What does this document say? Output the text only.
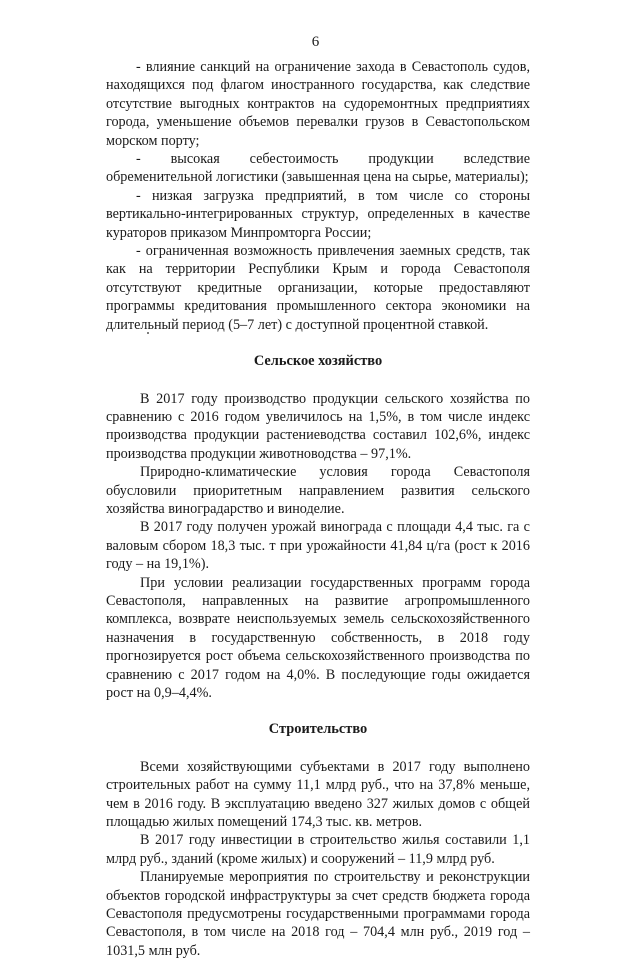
6

- влияние санкций на ограничение захода в Севастополь судов, находящихся под флагом иностранного государства, как следствие отсутствие выгодных контрактов на судоремонтных предприятиях города, уменьшение объемов перевалки грузов в Севастопольском морском порту;

- высокая себестоимость продукции вследствие обременительной логистики (завышенная цена на сырье, материалы);

- низкая загрузка предприятий, в том числе со стороны вертикально-интегрированных структур, определенных в качестве кураторов приказом Минпромторга России;

- ограниченная возможность привлечения заемных средств, так как на территории Республики Крым и города Севастополя отсутствуют кредитные организации, которые предоставляют программы кредитования промышленного сектора экономики на длительный период (5–7 лет) с доступной процентной ставкой.

Сельское хозяйство

В 2017 году производство продукции сельского хозяйства по сравнению с 2016 годом увеличилось на 1,5%, в том числе индекс производства продукции растениеводства составил 102,6%, индекс производства продукции животноводства – 97,1%.

Природно-климатические условия города Севастополя обусловили приоритетным направлением развития сельского хозяйства виноградарство и виноделие.

В 2017 году получен урожай винограда с площади 4,4 тыс. га с валовым сбором 18,3 тыс. т при урожайности 41,84 ц/га (рост к 2016 году – на 19,1%).

При условии реализации государственных программ города Севастополя, направленных на развитие агропромышленного комплекса, возврате неиспользуемых земель сельскохозяйственного назначения в государственную собственность, в 2018 году прогнозируется рост объема сельскохозяйственного производства по сравнению с 2017 годом на 4,0%. В последующие годы ожидается рост на 0,9–4,4%.

Строительство

Всеми хозяйствующими субъектами в 2017 году выполнено строительных работ на сумму 11,1 млрд руб., что на 37,8% меньше, чем в 2016 году. В эксплуатацию введено 327 жилых домов с общей площадью жилых помещений 174,3 тыс. кв. метров.

В 2017 году инвестиции в строительство жилья составили 1,1 млрд руб., зданий (кроме жилых) и сооружений – 11,9 млрд руб.

Планируемые мероприятия по строительству и реконструкции объектов городской инфраструктуры за счет средств бюджета города Севастополя предусмотрены государственными программами города Севастополя, в том числе на 2018 год – 704,4 млн руб., 2019 год – 1031,5 млн руб.
